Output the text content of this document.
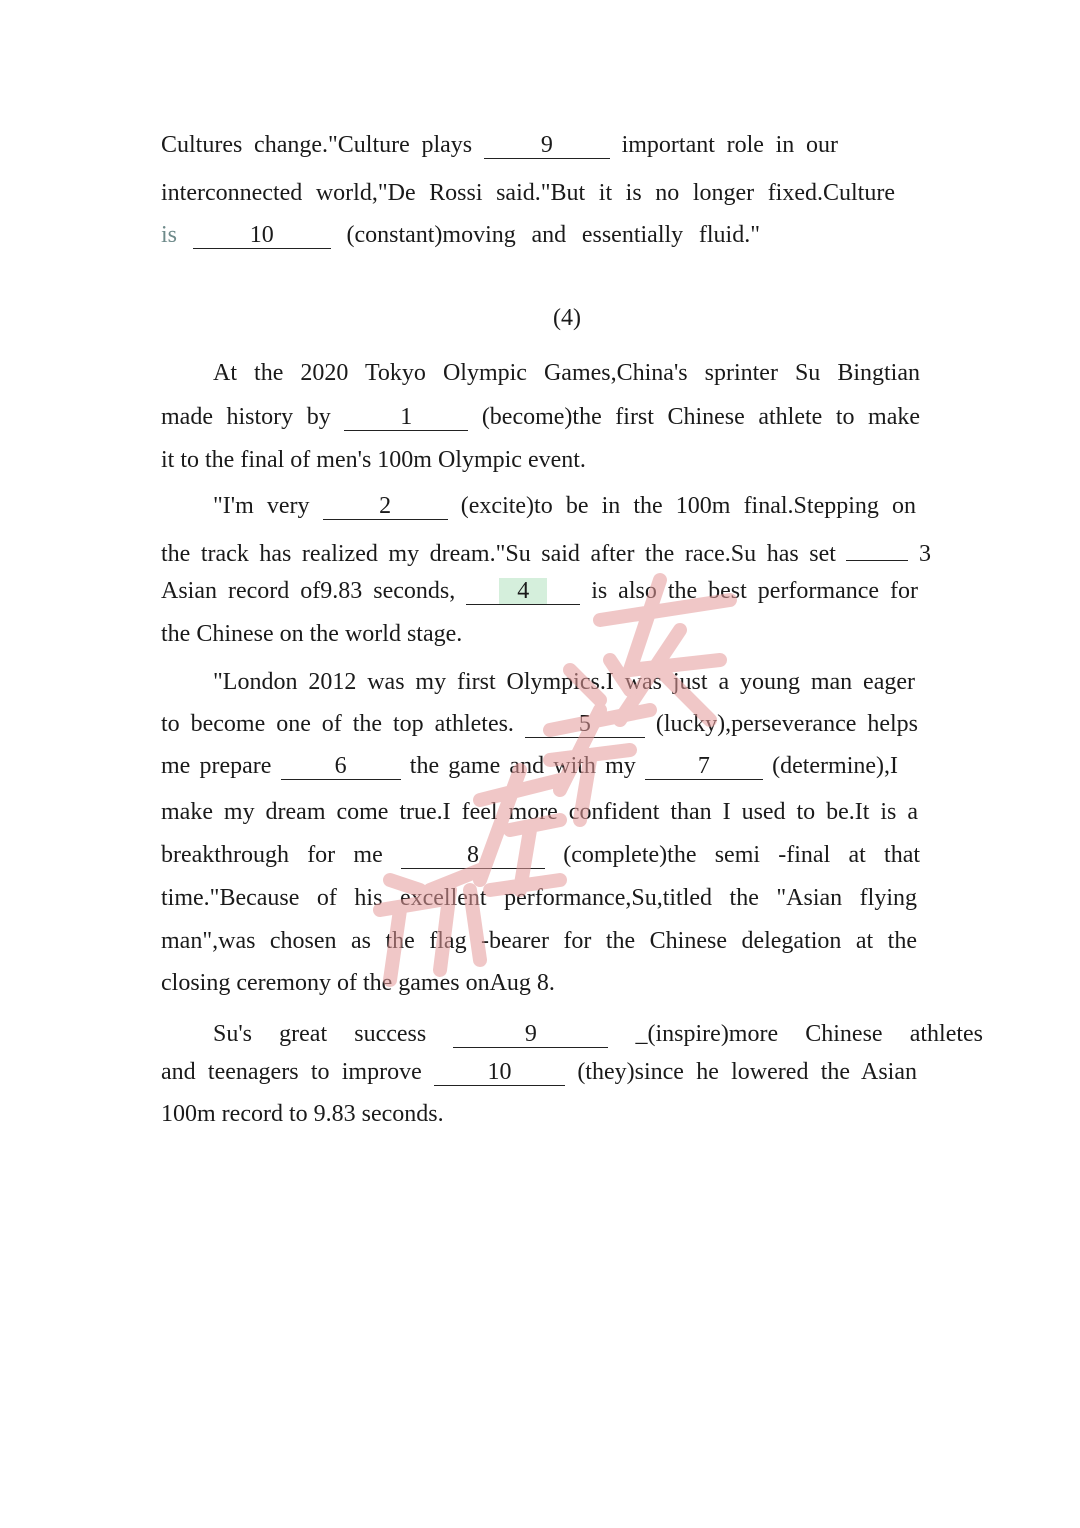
Cultures change."Culture plays	9	important role in our
interconnected world,"De Rossi said."But it is no longer fixed.Culture
is	10	(constant)moving and essentially fluid."
(4)
At the 2020 Tokyo Olympic Games,China's sprinter Su Bingtian
made history by	1	(become)the first Chinese athlete to make
it to the final of men's 100m Olympic event.
"I'm very	2	(excite)to be in the 100m final.Stepping on
the track has realized my dream."Su said after the race.Su has set	3
Asian record of9.83 seconds,	4	is also the best performance for
the Chinese on the world stage.
"London 2012 was my first Olympics.I was just a young man eager
to become one of the top athletes.	5	(lucky),perseverance helps
me prepare	6	the game and with my	7	(determine),I
make my dream come true.I feel more confident than I used to be.It is a
breakthrough for me	8	(complete)the semi -final at that
time."Because of his excellent performance,Su,titled the "Asian flying
man",was chosen as the flag -bearer for the Chinese delegation at the
closing ceremony of the games onAug 8.
Su's great success	9	_(inspire)more Chinese athletes
and teenagers to improve	10	(they)since he lowered the Asian
100m record to 9.83 seconds.
